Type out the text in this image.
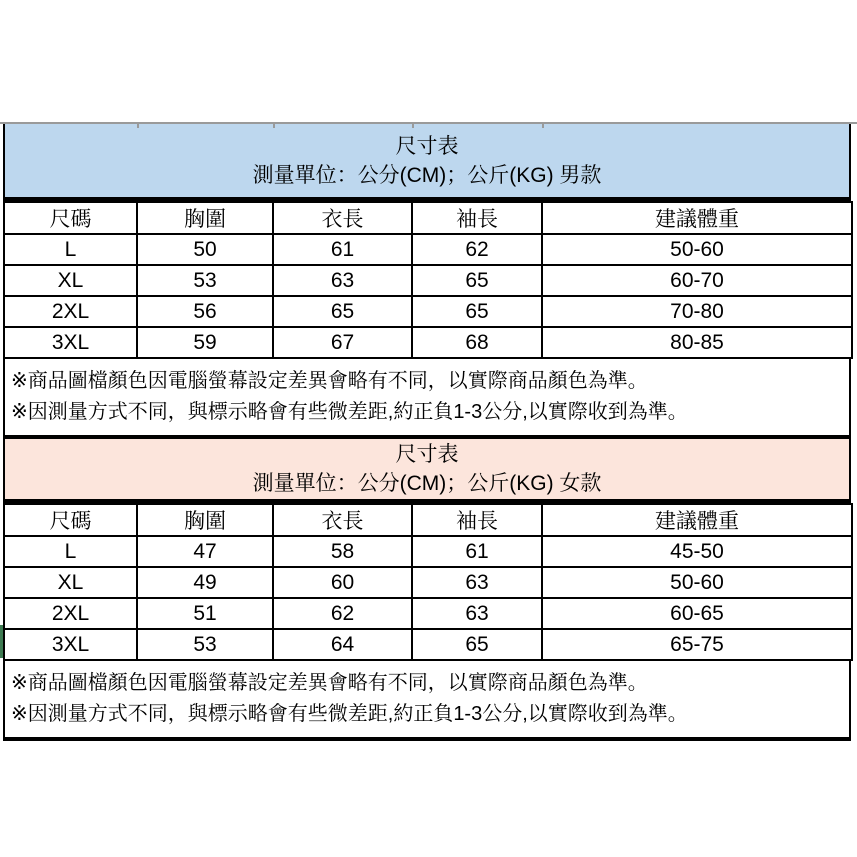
尺寸表
測量單位：公分(CM)；公斤(KG) 男款
尺碼	胸圍	衣長	袖長	建議體重
L	50	61	62	50-60
XL	53	63	65	60-70
2XL	56	65	65	70-80
3XL	59	67	68	80-85
※商品圖檔顏色因電腦螢幕設定差異會略有不同，以實際商品顏色為準。
※因測量方式不同，與標示略會有些微差距,約正負1-3公分,以實際收到為準。
尺寸表
測量單位：公分(CM)；公斤(KG) 女款
尺碼	胸圍	衣長	袖長	建議體重
L	47	58	61	45-50
XL	49	60	63	50-60
2XL	51	62	63	60-65
3XL	53	64	65	65-75
※商品圖檔顏色因電腦螢幕設定差異會略有不同，以實際商品顏色為準。
※因測量方式不同，與標示略會有些微差距,約正負1-3公分,以實際收到為準。
